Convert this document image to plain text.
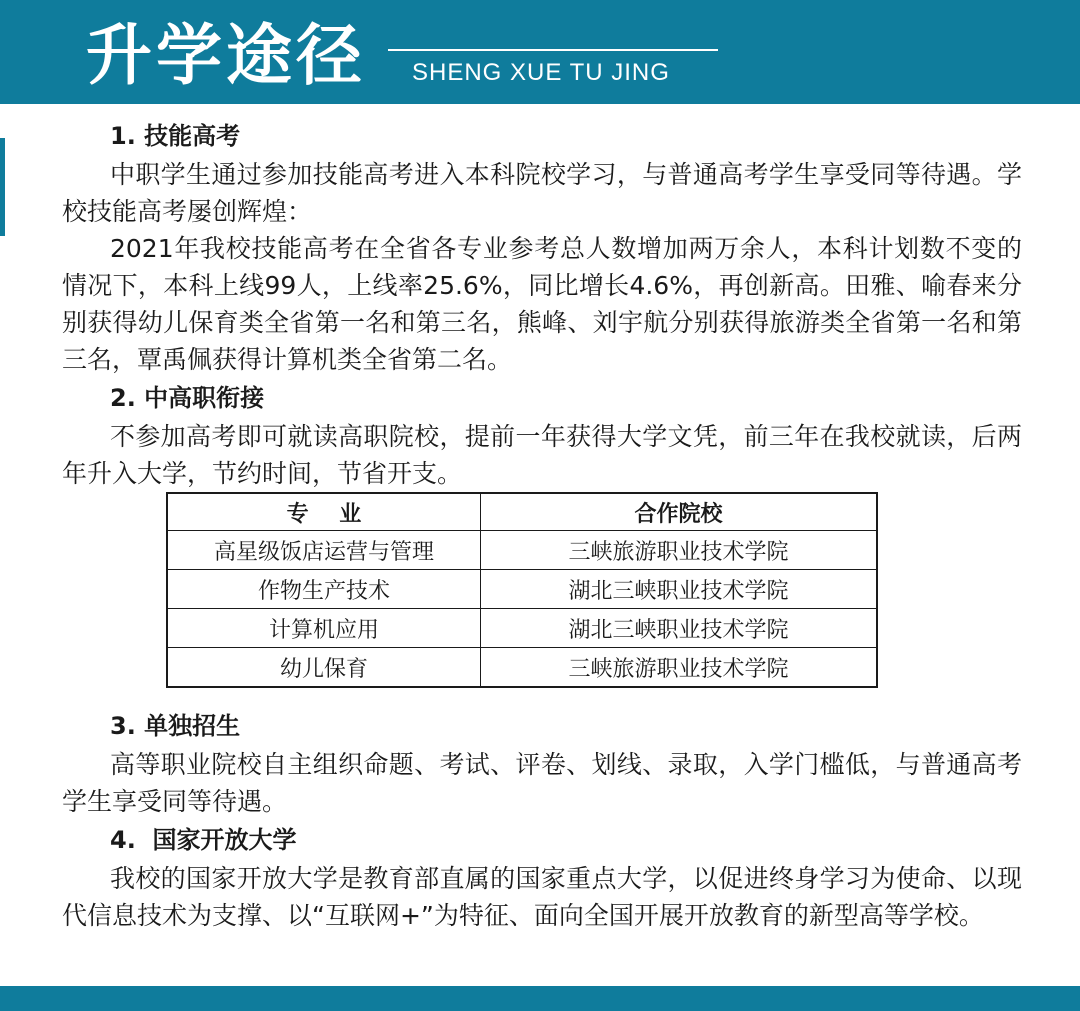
升学途径 SHENG XUE TU JING

1. 技能高考

中职学生通过参加技能高考进入本科院校学习，与普通高考学生享受同等待遇。学校技能高考屡创辉煌：

2021年我校技能高考在全省各专业参考总人数增加两万余人，本科计划数不变的情况下，本科上线99人，上线率25.6%，同比增长4.6%，再创新高。田雅、喻春来分别获得幼儿保育类全省第一名和第三名，熊峰、刘宇航分别获得旅游类全省第一名和第三名，覃禹佩获得计算机类全省第二名。

2. 中高职衔接

不参加高考即可就读高职院校，提前一年获得大学文凭，前三年在我校就读，后两年升入大学，节约时间，节省开支。

专    业	合作院校
高星级饭店运营与管理	三峡旅游职业技术学院
作物生产技术	湖北三峡职业技术学院
计算机应用	湖北三峡职业技术学院
幼儿保育	三峡旅游职业技术学院

3. 单独招生

高等职业院校自主组织命题、考试、评卷、划线、录取，入学门槛低，与普通高考学生享受同等待遇。

4.  国家开放大学

我校的国家开放大学是教育部直属的国家重点大学，以促进终身学习为使命、以现代信息技术为支撑、以“互联网+”为特征、面向全国开展开放教育的新型高等学校。
